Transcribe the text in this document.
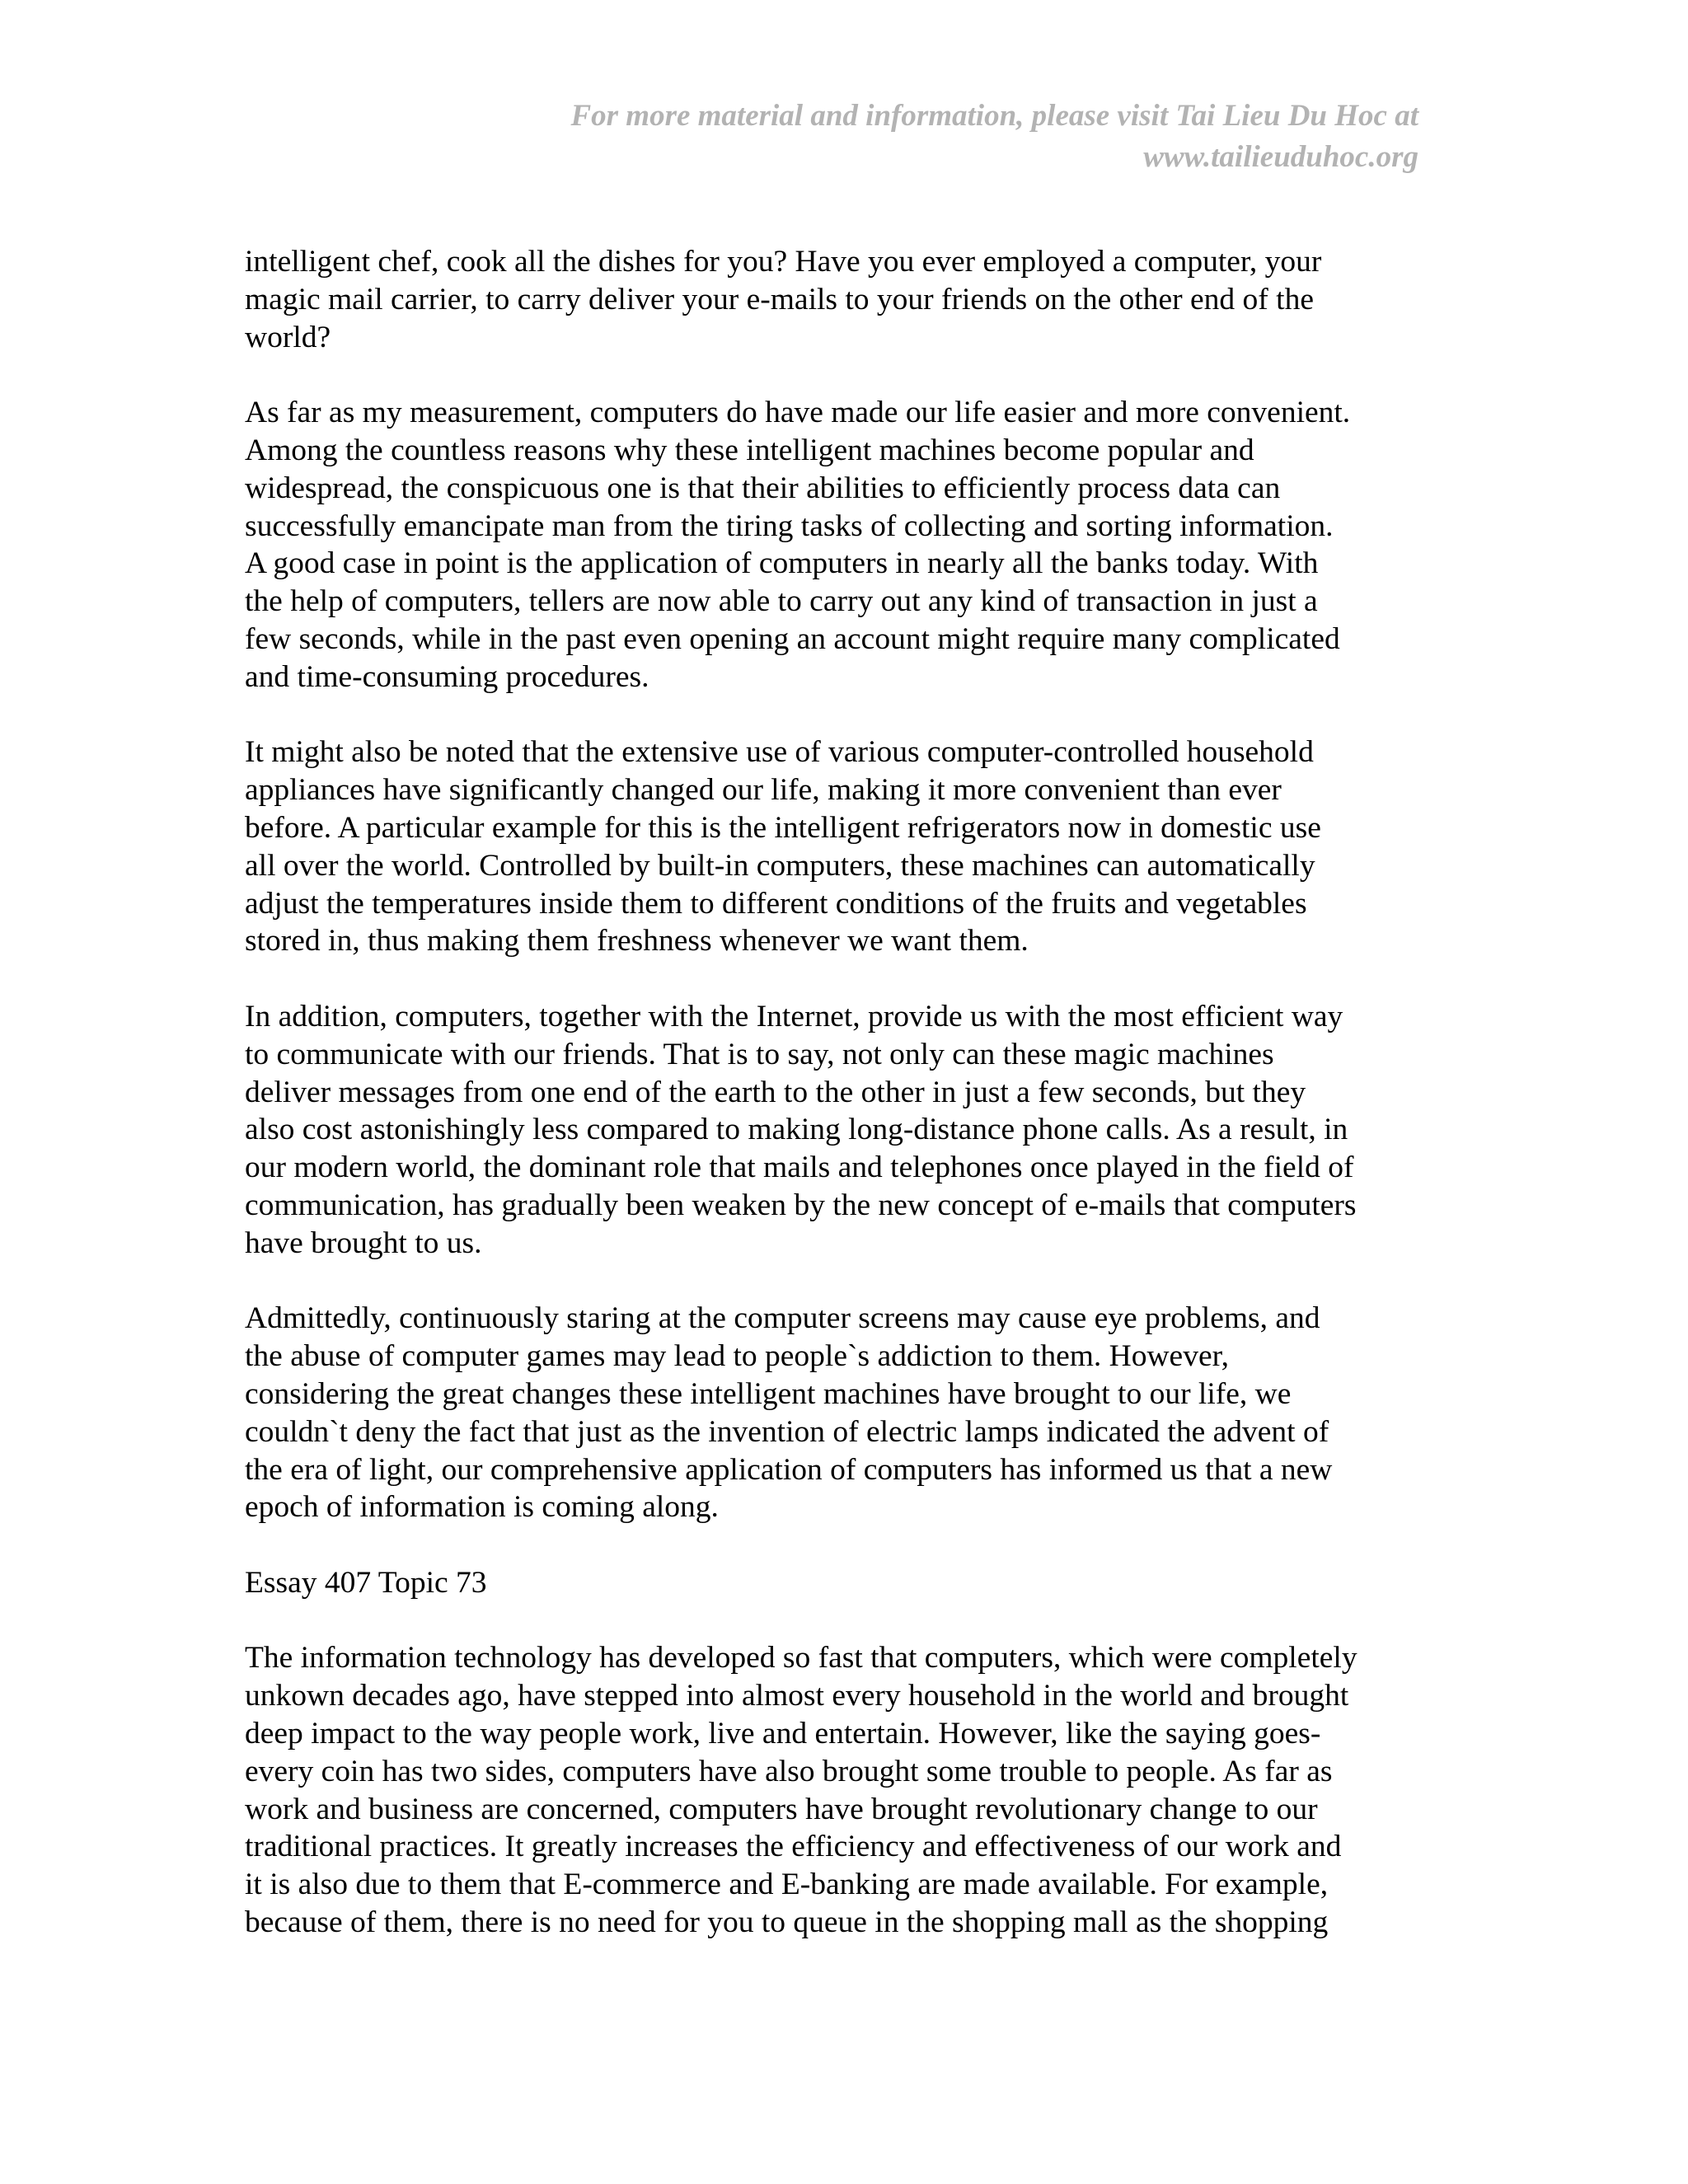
For more material and information, please visit Tai Lieu Du Hoc at
www.tailieuduhoc.org

intelligent chef, cook all the dishes for you? Have you ever employed a computer, your
magic mail carrier, to carry deliver your e-mails to your friends on the other end of the
world?

As far as my measurement, computers do have made our life easier and more convenient.
Among the countless reasons why these intelligent machines become popular and
widespread, the conspicuous one is that their abilities to efficiently process data can
successfully emancipate man from the tiring tasks of collecting and sorting information.
A good case in point is the application of computers in nearly all the banks today. With
the help of computers, tellers are now able to carry out any kind of transaction in just a
few seconds, while in the past even opening an account might require many complicated
and time-consuming procedures.

It might also be noted that the extensive use of various computer-controlled household
appliances have significantly changed our life, making it more convenient than ever
before. A particular example for this is the intelligent refrigerators now in domestic use
all over the world. Controlled by built-in computers, these machines can automatically
adjust the temperatures inside them to different conditions of the fruits and vegetables
stored in, thus making them freshness whenever we want them.

In addition, computers, together with the Internet, provide us with the most efficient way
to communicate with our friends. That is to say, not only can these magic machines
deliver messages from one end of the earth to the other in just a few seconds, but they
also cost astonishingly less compared to making long-distance phone calls. As a result, in
our modern world, the dominant role that mails and telephones once played in the field of
communication, has gradually been weaken by the new concept of e-mails that computers
have brought to us.

Admittedly, continuously staring at the computer screens may cause eye problems, and
the abuse of computer games may lead to people`s addiction to them. However,
considering the great changes these intelligent machines have brought to our life, we
couldn`t deny the fact that just as the invention of electric lamps indicated the advent of
the era of light, our comprehensive application of computers has informed us that a new
epoch of information is coming along.

Essay 407 Topic 73

The information technology has developed so fast that computers, which were completely
unkown decades ago, have stepped into almost every household in the world and brought
deep impact to the way people work, live and entertain. However, like the saying goes-
every coin has two sides, computers have also brought some trouble to people. As far as
work and business are concerned, computers have brought revolutionary change to our
traditional practices. It greatly increases the efficiency and effectiveness of our work and
it is also due to them that E-commerce and E-banking are made available. For example,
because of them, there is no need for you to queue in the shopping mall as the shopping
